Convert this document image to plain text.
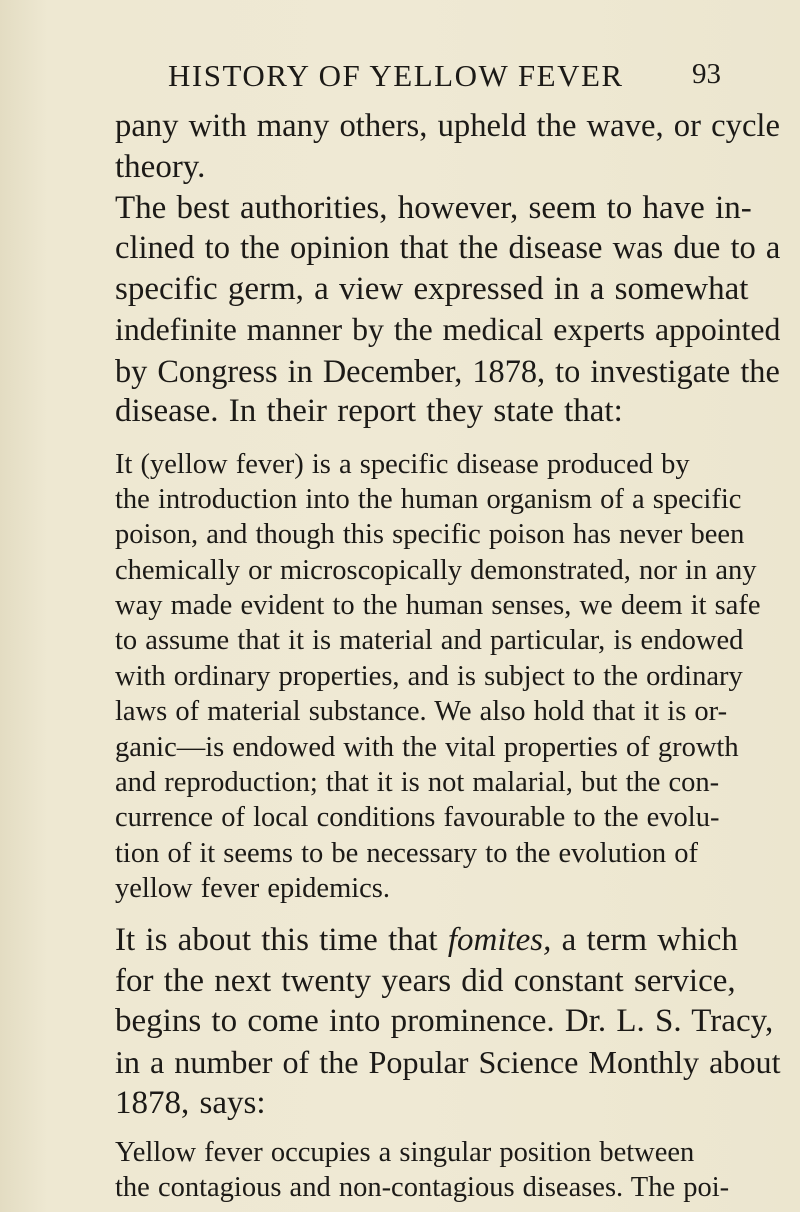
HISTORY OF YELLOW FEVER 93
pany with many others, upheld the wave, or cycle
theory.
The best authorities, however, seem to have in-
clined to the opinion that the disease was due to a
specific germ, a view expressed in a somewhat
indefinite manner by the medical experts appointed
by Congress in December, 1878, to investigate the
disease. In their report they state that:
It (yellow fever) is a specific disease produced by
the introduction into the human organism of a specific
poison, and though this specific poison has never been
chemically or microscopically demonstrated, nor in any
way made evident to the human senses, we deem it safe
to assume that it is material and particular, is endowed
with ordinary properties, and is subject to the ordinary
laws of material substance. We also hold that it is or-
ganic—is endowed with the vital properties of growth
and reproduction; that it is not malarial, but the con-
currence of local conditions favourable to the evolu-
tion of it seems to be necessary to the evolution of
yellow fever epidemics.
It is about this time that fomites, a term which
for the next twenty years did constant service,
begins to come into prominence. Dr. L. S. Tracy,
in a number of the Popular Science Monthly about
1878, says:
Yellow fever occupies a singular position between
the contagious and non-contagious diseases. The poi-
